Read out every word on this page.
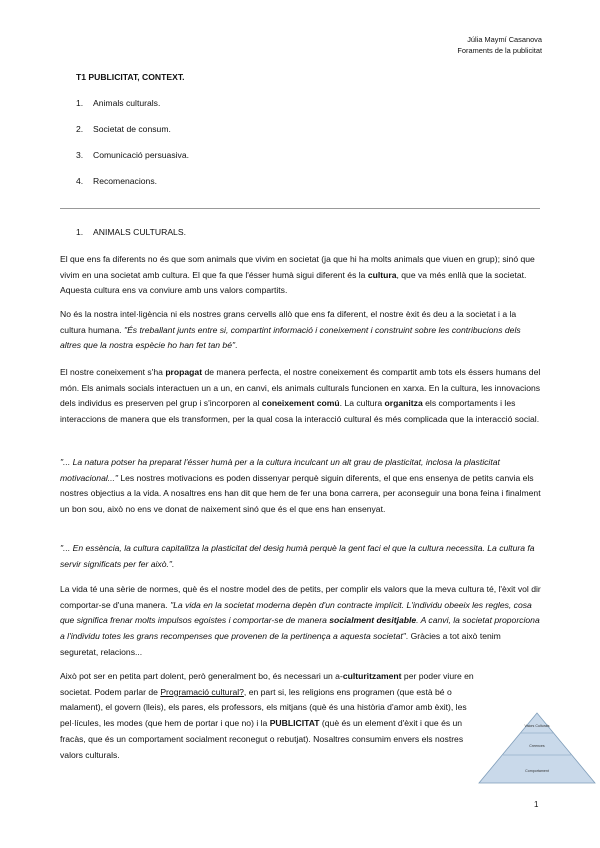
Júlia Maymí Casanova
Foraments de la publicitat
T1 PUBLICITAT, CONTEXT.
1. Animals culturals.
2. Societat de consum.
3. Comunicació persuasiva.
4. Recomenacions.
1. ANIMALS CULTURALS.

El que ens fa diferents no és que som animals que vivim en societat (ja que hi ha molts animals que viuen en grup); sinó que vivim en una societat amb cultura. El que fa que l'ésser humà sigui diferent és la cultura, que va més enllà que la societat. Aquesta cultura ens va conviure amb uns valors compartits.

No és la nostra intel·ligència ni els nostres grans cervells allò que ens fa diferent, el nostre èxit és deu a la societat i a la cultura humana. "És treballant junts entre si, compartint informació i coneixement i construint sobre les contribucions dels altres que la nostra espècie ho han fet tan bé".

El nostre coneixement s'ha propagat de manera perfecta, el nostre coneixement és compartit amb tots els éssers humans del món. Els animals socials interactuen un a un, en canvi, els animals culturals funcionen en xarxa. En la cultura, les innovacions dels individus es preserven pel grup i s'incorporen al coneixement comú. La cultura organitza els comportaments i les interaccions de manera que els transformen, per la qual cosa la interacció cultural és més complicada que la interacció social.

"... La natura potser ha preparat l'ésser humà per a la cultura inculcant un alt grau de plasticitat, inclosa la plasticitat motivacional..." Les nostres motivacions es poden dissenyar perquè siguin diferents, el que ens ensenya de petits canvia els nostres objectius a la vida. A nosaltres ens han dit que hem de fer una bona carrera, per aconseguir una bona feina i finalment un bon sou, això no ens ve donat de naixement sinó que és el que ens han ensenyat.

"... En essència, la cultura capitalitza la plasticitat del desig humà perquè la gent faci el que la cultura necessita. La cultura fa servir significats per fer això.".

La vida té una sèrie de normes, què és el nostre model des de petits, per complir els valors que la meva cultura té, l'èxit vol dir comportar-se d'una manera. "La vida en la societat moderna depèn d'un contracte implícit. L'individu obeeix les regles, cosa que significa frenar molts impulsos egoistes i comportar-se de manera socialment desitjable. A canvi, la societat proporciona a l'individu totes les grans recompenses que provenen de la pertinença a aquesta societat". Gràcies a tot això tenim seguretat, relacions...

Això pot ser en petita part dolent, però generalment bo, és necessari un a-culturitzament per poder viure en societat. Podem parlar de Programació cultural?, en part si, les religions ens programen (que està bé o malament), el govern (lleis), els pares, els professors, els mitjans (què és una història d'amor amb èxit), les pel·lícules, les modes (que hem de portar i que no) i la PUBLICITAT (què és un element d'èxit i que és un fracàs, que és un comportament socialment reconegut o rebutjat). Nosaltres consumim envers els nostres valors culturals.

Valors Culturals
Creences
Comportament
1
